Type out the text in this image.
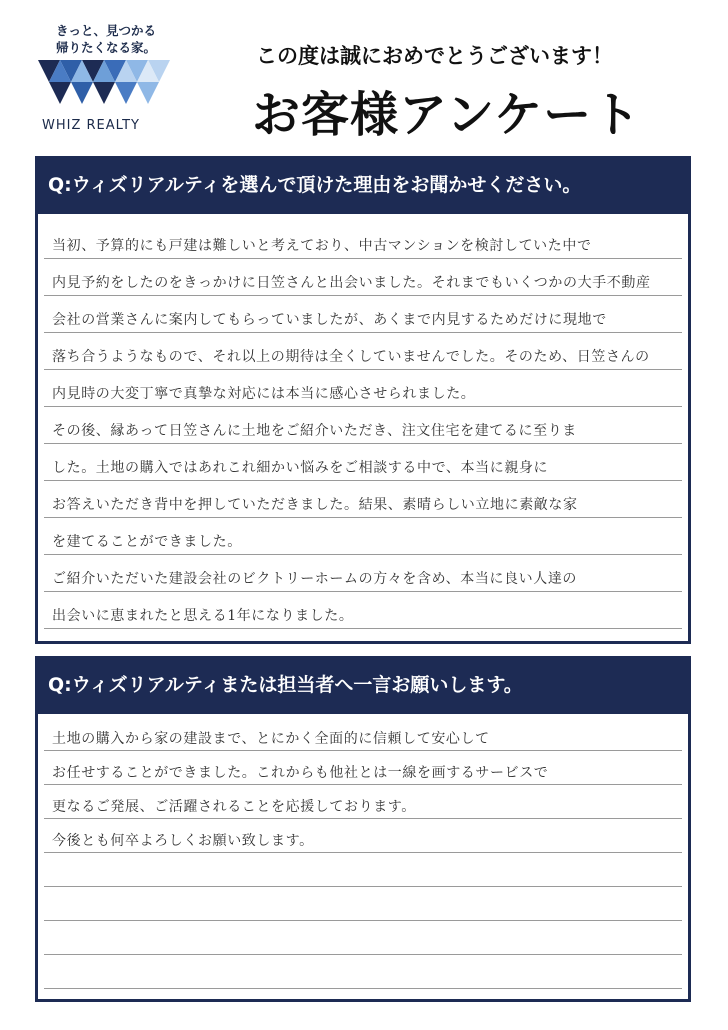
きっと、見つかる
帰りたくなる家。
WHIZ REALTY
この度は誠におめでとうございます！
お客様アンケート
Q:ウィズリアルティを選んで頂けた理由をお聞かせください。
当初、予算的にも戸建は難しいと考えており、中古マンションを検討していた中で
内見予約をしたのをきっかけに日笠さんと出会いました。それまでもいくつかの大手不動産
会社の営業さんに案内してもらっていましたが、あくまで内見するためだけに現地で
落ち合うようなもので、それ以上の期待は全くしていませんでした。そのため、日笠さんの
内見時の大変丁寧で真摯な対応には本当に感心させられました。
その後、縁あって日笠さんに土地をご紹介いただき、注文住宅を建てるに至りま
した。土地の購入ではあれこれ細かい悩みをご相談する中で、本当に親身に
お答えいただき背中を押していただきました。結果、素晴らしい立地に素敵な家
を建てることができました。
ご紹介いただいた建設会社のビクトリーホームの方々を含め、本当に良い人達の
出会いに恵まれたと思える1年になりました。
Q:ウィズリアルティまたは担当者へ一言お願いします。
土地の購入から家の建設まで、とにかく全面的に信頼して安心して
お任せすることができました。これからも他社とは一線を画するサービスで
更なるご発展、ご活躍されることを応援しております。
今後とも何卒よろしくお願い致します。
